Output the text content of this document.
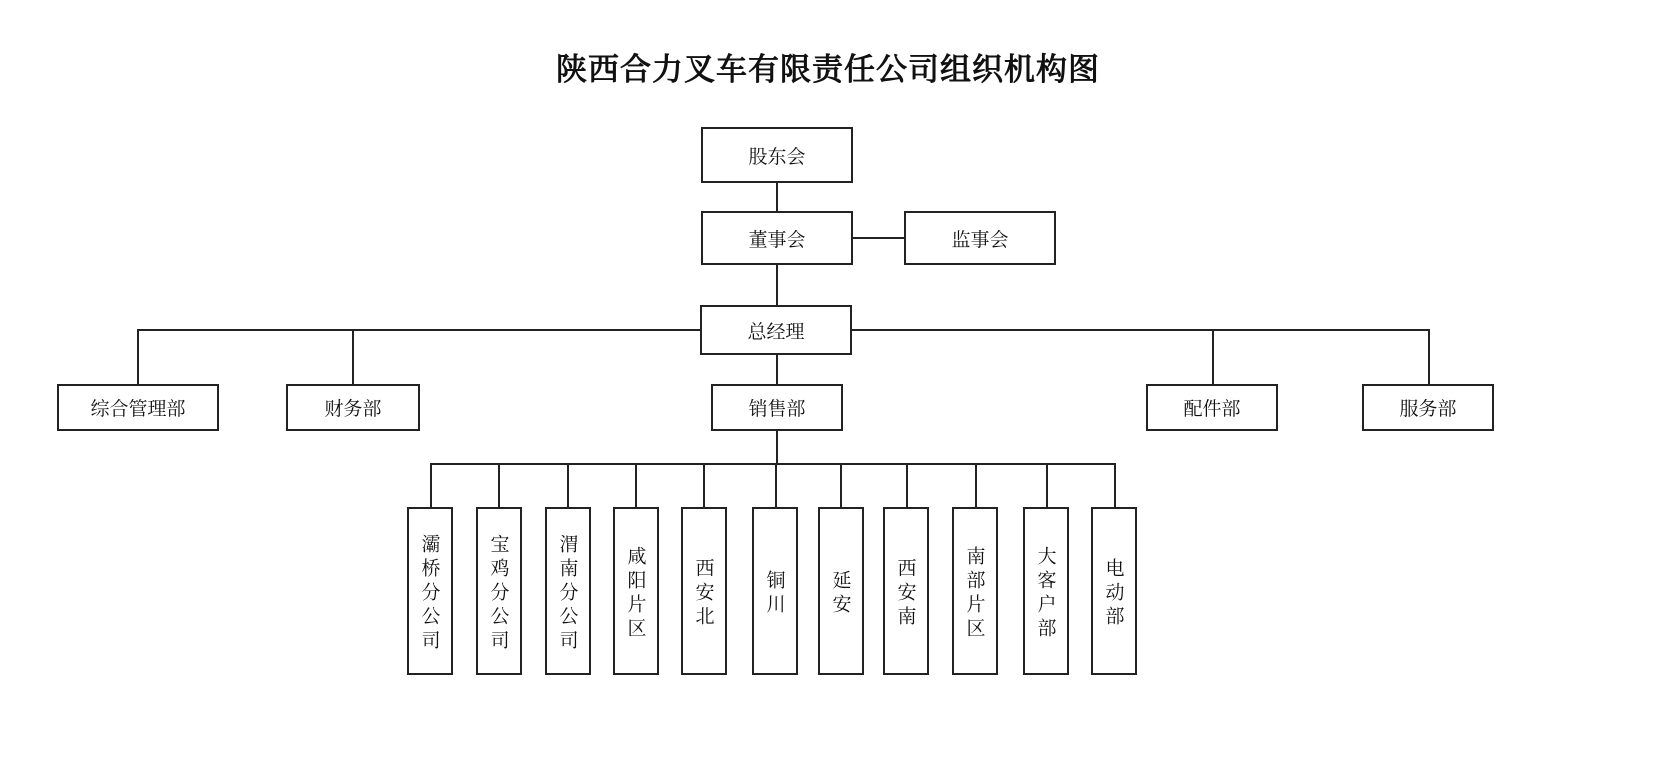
陕西合力叉车有限责任公司组织机构图
股东会
董事会	监事会
总经理
综合管理部	财务部	销售部	配件部	服务部
灞桥分公司	宝鸡分公司	渭南分公司	咸阳片区	西安北	铜川	延安	西安南	南部片区	大客户部	电动部
